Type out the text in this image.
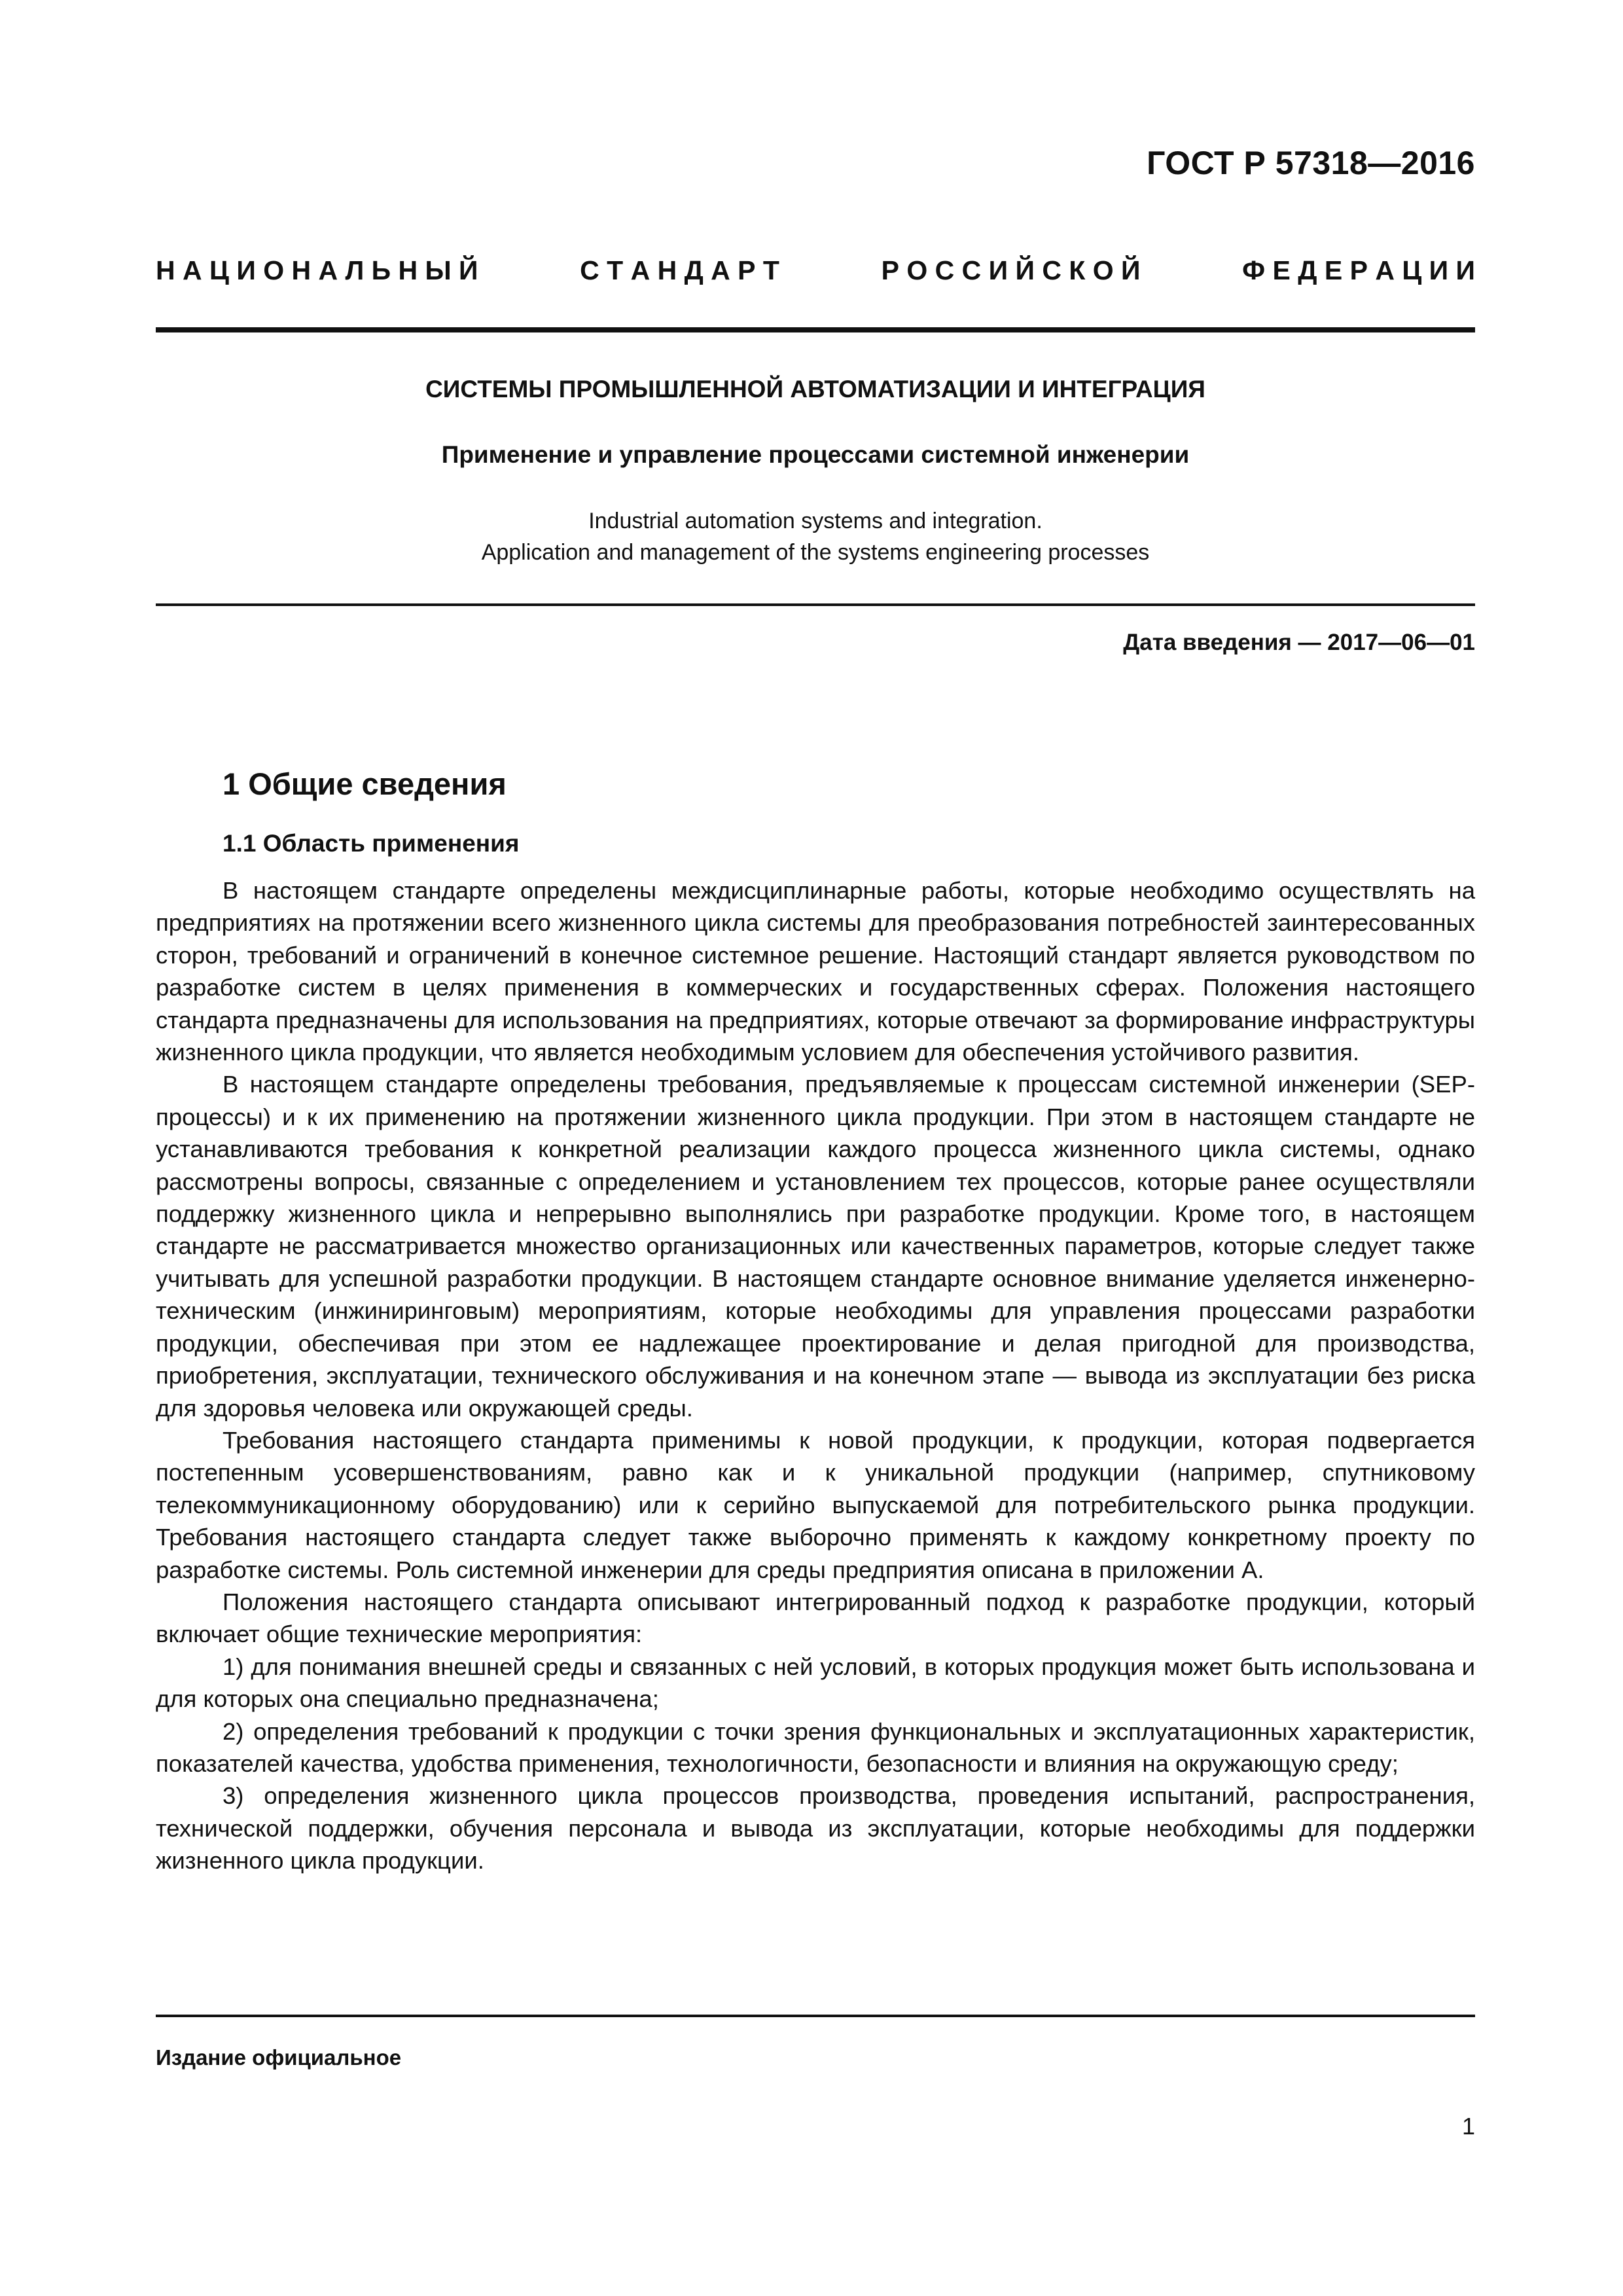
ГОСТ Р 57318—2016
Н А Ц И О Н А Л Ь Н Ы Й	С Т А Н Д А Р Т	Р О С С И Й С К О Й	Ф Е Д Е Р А Ц И И
СИСТЕМЫ ПРОМЫШЛЕННОЙ АВТОМАТИЗАЦИИ И ИНТЕГРАЦИЯ
Применение и управление процессами системной инженерии
Industrial automation systems and integration.
Application and management of the systems engineering processes
Дата введения — 2017—06—01
1 Общие сведения
1.1 Область применения

В настоящем стандарте определены междисциплинарные работы, которые необходимо осуществлять на предприятиях на протяжении всего жизненного цикла системы для преобразования потребностей заинтересованных сторон, требований и ограничений в конечное системное решение. Настоящий стандарт является руководством по разработке систем в целях применения в коммерческих и государственных сферах. Положения настоящего стандарта предназначены для использования на предприятиях, которые отвечают за формирование инфраструктуры жизненного цикла продукции, что является необходимым условием для обеспечения устойчивого развития.

В настоящем стандарте определены требования, предъявляемые к процессам системной инженерии (SEP-процессы) и к их применению на протяжении жизненного цикла продукции. При этом в настоящем стандарте не устанавливаются требования к конкретной реализации каждого процесса жизненного цикла системы, однако рассмотрены вопросы, связанные с определением и установлением тех процессов, которые ранее осуществляли поддержку жизненного цикла и непрерывно выполнялись при разработке продукции. Кроме того, в настоящем стандарте не рассматривается множество организационных или качественных параметров, которые следует также учитывать для успешной разработки продукции. В настоящем стандарте основное внимание уделяется инженерно-техническим (инжиниринговым) мероприятиям, которые необходимы для управления процессами разработки продукции, обеспечивая при этом ее надлежащее проектирование и делая пригодной для производства, приобретения, эксплуатации, технического обслуживания и на конечном этапе — вывода из эксплуатации без риска для здоровья человека или окружающей среды.

Требования настоящего стандарта применимы к новой продукции, к продукции, которая подвергается постепенным усовершенствованиям, равно как и к уникальной продукции (например, спутниковому телекоммуникационному оборудованию) или к серийно выпускаемой для потребительского рынка продукции. Требования настоящего стандарта следует также выборочно применять к каждому конкретному проекту по разработке системы. Роль системной инженерии для среды предприятия описана в приложении А.

Положения настоящего стандарта описывают интегрированный подход к разработке продукции, который включает общие технические мероприятия:

1) для понимания внешней среды и связанных с ней условий, в которых продукция может быть использована и для которых она специально предназначена;

2) определения требований к продукции с точки зрения функциональных и эксплуатационных характеристик, показателей качества, удобства применения, технологичности, безопасности и влияния на окружающую среду;

3) определения жизненного цикла процессов производства, проведения испытаний, распространения, технической поддержки, обучения персонала и вывода из эксплуатации, которые необходимы для поддержки жизненного цикла продукции.

Издание официальное
1
